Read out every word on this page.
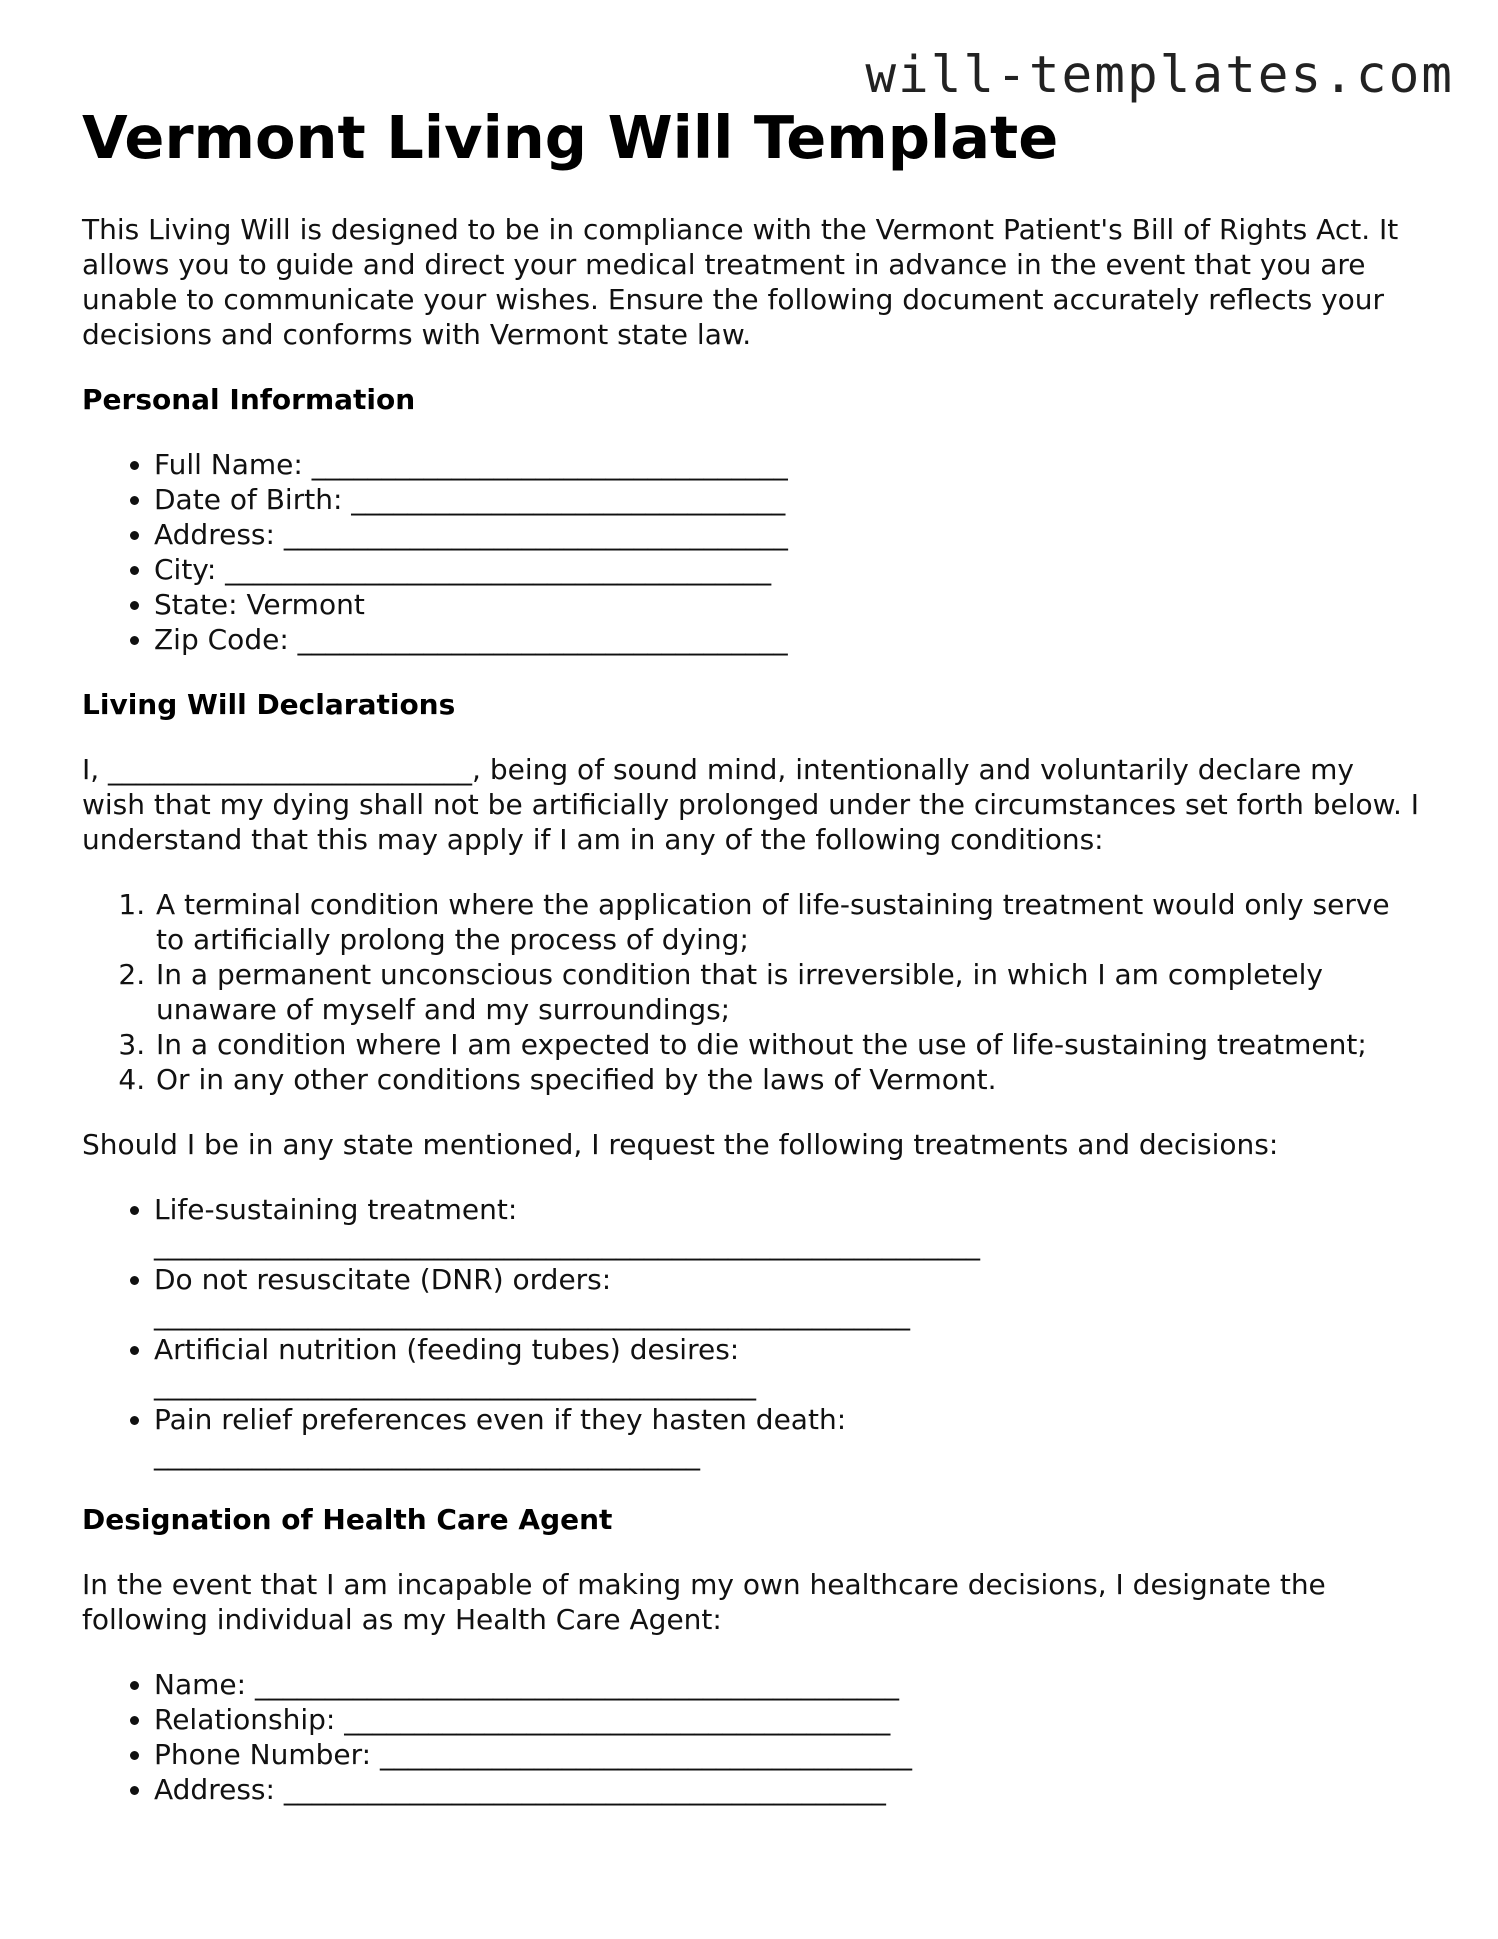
will-templates.com
Vermont Living Will Template

This Living Will is designed to be in compliance with the Vermont Patient's Bill of Rights Act. It allows you to guide and direct your medical treatment in advance in the event that you are unable to communicate your wishes. Ensure the following document accurately reflects your decisions and conforms with Vermont state law.

Personal Information
• Full Name: __________________________________
• Date of Birth: _______________________________
• Address: ____________________________________
• City: _______________________________________
• State: Vermont
• Zip Code: ___________________________________
Living Will Declarations

I, __________________________, being of sound mind, intentionally and voluntarily declare my wish that my dying shall not be artificially prolonged under the circumstances set forth below. I understand that this may apply if I am in any of the following conditions:

1. A terminal condition where the application of life-sustaining treatment would only serve to artificially prolong the process of dying;
2. In a permanent unconscious condition that is irreversible, in which I am completely unaware of myself and my surroundings;
3. In a condition where I am expected to die without the use of life-sustaining treatment;
4. Or in any other conditions specified by the laws of Vermont.

Should I be in any state mentioned, I request the following treatments and decisions:

• Life-sustaining treatment:
___________________________________________________________
• Do not resuscitate (DNR) orders:
______________________________________________________
• Artificial nutrition (feeding tubes) desires:
___________________________________________
• Pain relief preferences even if they hasten death:
_______________________________________
Designation of Health Care Agent

In the event that I am incapable of making my own healthcare decisions, I designate the following individual as my Health Care Agent:

• Name: ______________________________________________
• Relationship: _______________________________________
• Phone Number: ______________________________________
• Address: ___________________________________________
